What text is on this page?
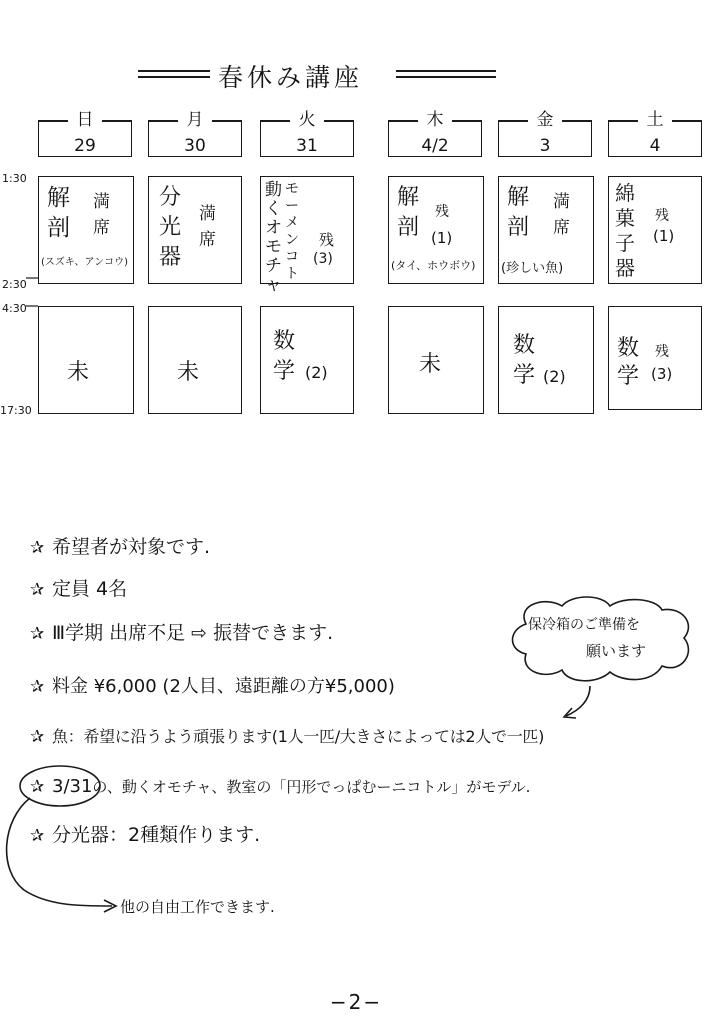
春休み講座
1:30
2:30
4:30
17:30
日
29
月
30
火
31
木
4/2
金
3
土
4
解剖
満席
(スズキ、アンコウ)
分光器
満席
動くオモチャ
モーメンコト
残
(3)
解剖
残
(1)
(タイ、ホウボウ)
解剖
満席
(珍しい魚)
綿菓子器
残
(1)
未	未
数学 (2)	未
数学 (2)
数学
残
(3)
✰ 希望者が対象です.
✰ 定員 4名
✰ Ⅲ学期 出席不足 ⇨ 振替できます.
✰ 料金 ¥6,000 (2人目、遠距離の方¥5,000)
✰ 魚：希望に沿うよう頑張ります(1人一匹/大きさによっては2人で一匹)
✰ 3/31の、動くオモチャ、教室の「円形でっぱむーニコトル」がモデル.
✰ 分光器：2種類作ります.
保冷箱のご準備を
願います
他の自由工作できます.
−2−
